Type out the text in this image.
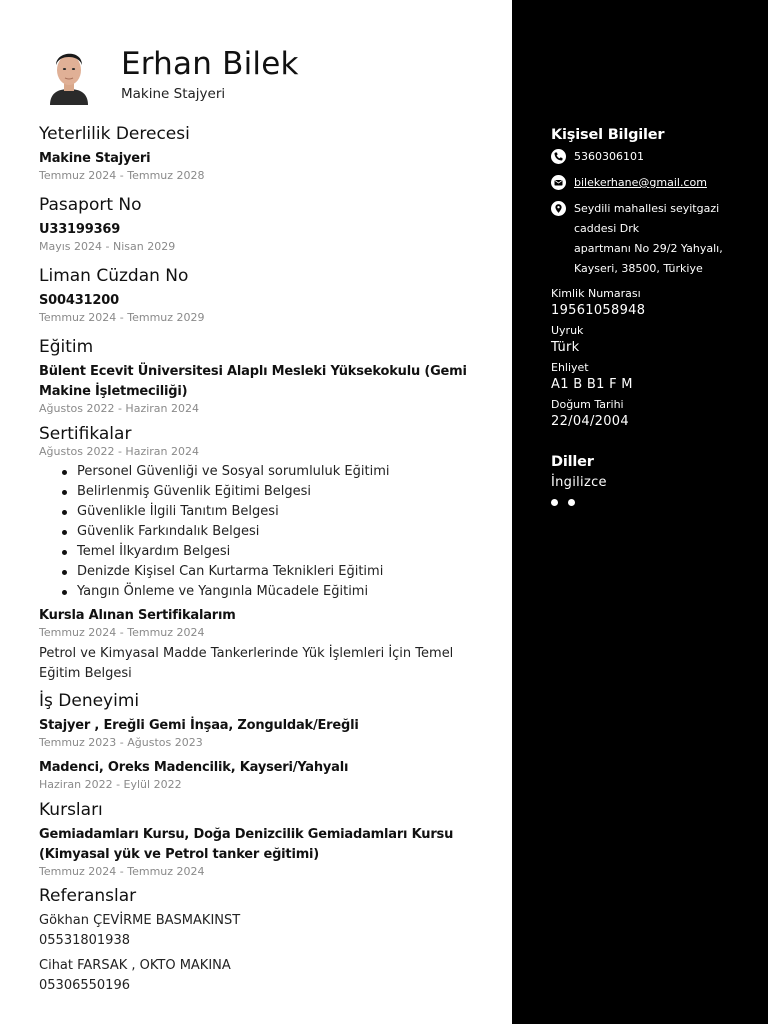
Erhan Bilek
Makine Stajyeri
Yeterlilik Derecesi
Makine Stajyeri
Temmuz 2024 - Temmuz 2028
Pasaport No
U33199369
Mayıs 2024 - Nisan 2029
Liman Cüzdan No
S00431200
Temmuz 2024 - Temmuz 2029
Eğitim
Bülent Ecevit Üniversitesi Alaplı Mesleki Yüksekokulu (Gemi
Makine İşletmeciliği)
Ağustos 2022 - Haziran 2024
Sertifikalar
Ağustos 2022 - Haziran 2024
Personel Güvenliği ve Sosyal sorumluluk Eğitimi
Belirlenmiş Güvenlik Eğitimi Belgesi
Güvenlikle İlgili Tanıtım Belgesi
Güvenlik Farkındalık Belgesi
Temel İlkyardım Belgesi
Denizde Kişisel Can Kurtarma Teknikleri Eğitimi
Yangın Önleme ve Yangınla Mücadele Eğitimi
Kursla Alınan Sertifikalarım
Temmuz 2024 - Temmuz 2024
Petrol ve Kimyasal Madde Tankerlerinde Yük İşlemleri İçin Temel
Eğitim Belgesi
İş Deneyimi
Stajyer , Ereğli Gemi İnşaa, Zonguldak/Ereğli
Temmuz 2023 - Ağustos 2023
Madenci, Oreks Madencilik, Kayseri/Yahyalı
Haziran 2022 - Eylül 2022
Kursları
Gemiadamları Kursu, Doğa Denizcilik Gemiadamları Kursu
(Kimyasal yük ve Petrol tanker eğitimi)
Temmuz 2024 - Temmuz 2024
Referanslar
Gökhan ÇEVİRME BASMAKINST
05531801938
Cihat FARSAK , OKTO MAKINA
05306550196
Kişisel Bilgiler
5360306101
bilekerhane@gmail.com
Seydili mahallesi seyitgazi
caddesi Drk
apartmanı No 29/2 Yahyalı,
Kayseri, 38500, Türkiye
Kimlik Numarası
19561058948
Uyruk
Türk
Ehliyet
A1 B B1 F M
Doğum Tarihi
22/04/2004
Diller
İngilizce
